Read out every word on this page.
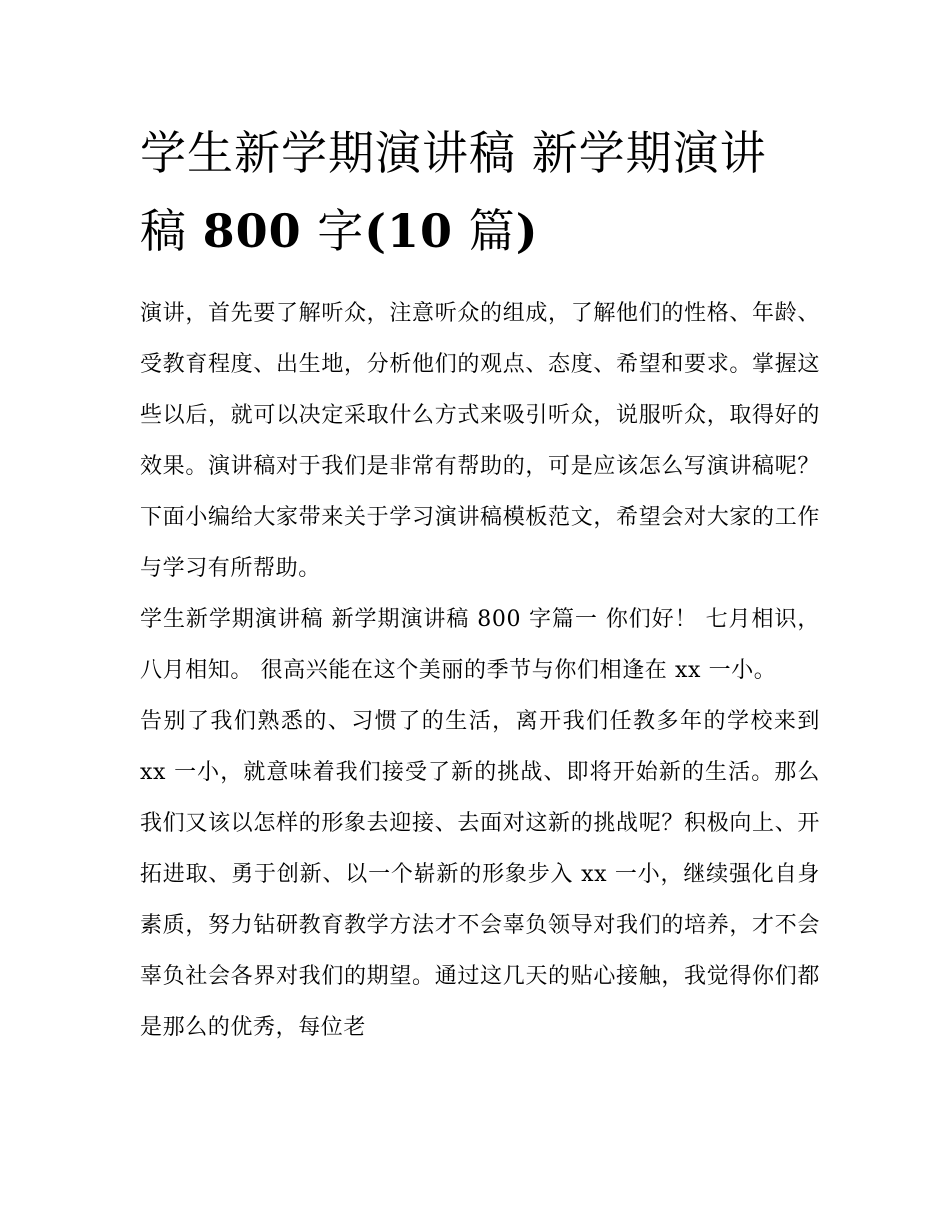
学生新学期演讲稿 新学期演讲
稿 800 字(10 篇)

演讲，首先要了解听众，注意听众的组成，了解他们的性格、年龄、受教育程度、出生地，分析他们的观点、态度、希望和要求。掌握这些以后，就可以决定采取什么方式来吸引听众，说服听众，取得好的效果。演讲稿对于我们是非常有帮助的，可是应该怎么写演讲稿呢？下面小编给大家带来关于学习演讲稿模板范文，希望会对大家的工作与学习有所帮助。

学生新学期演讲稿 新学期演讲稿 800 字篇一 你们好！ 七月相识，八月相知。 很高兴能在这个美丽的季节与你们相逢在 xx 一小。

告别了我们熟悉的、习惯了的生活，离开我们任教多年的学校来到 xx 一小，就意味着我们接受了新的挑战、即将开始新的生活。那么我们又该以怎样的形象去迎接、去面对这新的挑战呢？积极向上、开拓进取、勇于创新、以一个崭新的形象步入 xx 一小，继续强化自身素质，努力钻研教育教学方法才不会辜负领导对我们的培养，才不会辜负社会各界对我们的期望。通过这几天的贴心接触，我觉得你们都是那么的优秀，每位老
